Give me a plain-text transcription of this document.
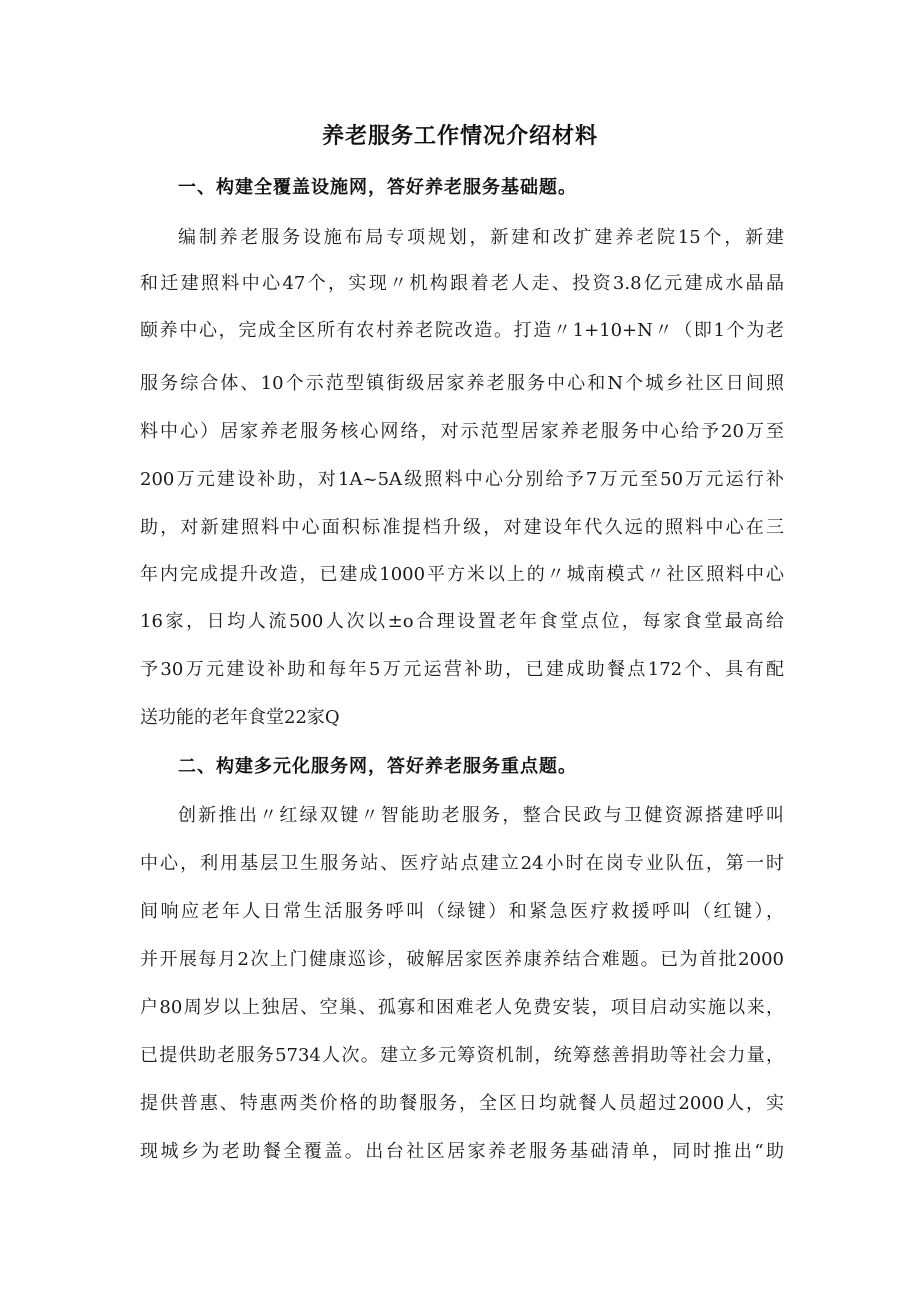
养老服务工作情况介绍材料
一、构建全覆盖设施网，答好养老服务基础题。

编制养老服务设施布局专项规划，新建和改扩建养老院15个，新建

和迁建照料中心47个，实现〃机构跟着老人走、投资3.8亿元建成水晶晶

颐养中心，完成全区所有农村养老院改造。打造〃1+10+N〃（即1个为老

服务综合体、10个示范型镇街级居家养老服务中心和N个城乡社区日间照

料中心）居家养老服务核心网络，对示范型居家养老服务中心给予20万至

200万元建设补助，对1A~5A级照料中心分别给予7万元至50万元运行补

助，对新建照料中心面积标准提档升级，对建设年代久远的照料中心在三

年内完成提升改造，已建成1000平方米以上的〃城南模式〃社区照料中心

16家，日均人流500人次以±o合理设置老年食堂点位，每家食堂最高给

予30万元建设补助和每年5万元运营补助，已建成助餐点172个、具有配

送功能的老年食堂22家Q

二、构建多元化服务网，答好养老服务重点题。

创新推出〃红绿双键〃智能助老服务，整合民政与卫健资源搭建呼叫

中心，利用基层卫生服务站、医疗站点建立24小时在岗专业队伍，第一时

间响应老年人日常生活服务呼叫（绿键）和紧急医疗救援呼叫（红键），

并开展每月2次上门健康巡诊，破解居家医养康养结合难题。已为首批2000

户80周岁以上独居、空巢、孤寡和困难老人免费安装，项目启动实施以来，

已提供助老服务5734人次。建立多元筹资机制，统筹慈善捐助等社会力量，

提供普惠、特惠两类价格的助餐服务，全区日均就餐人员超过2000人，实

现城乡为老助餐全覆盖。出台社区居家养老服务基础清单，同时推出“助
